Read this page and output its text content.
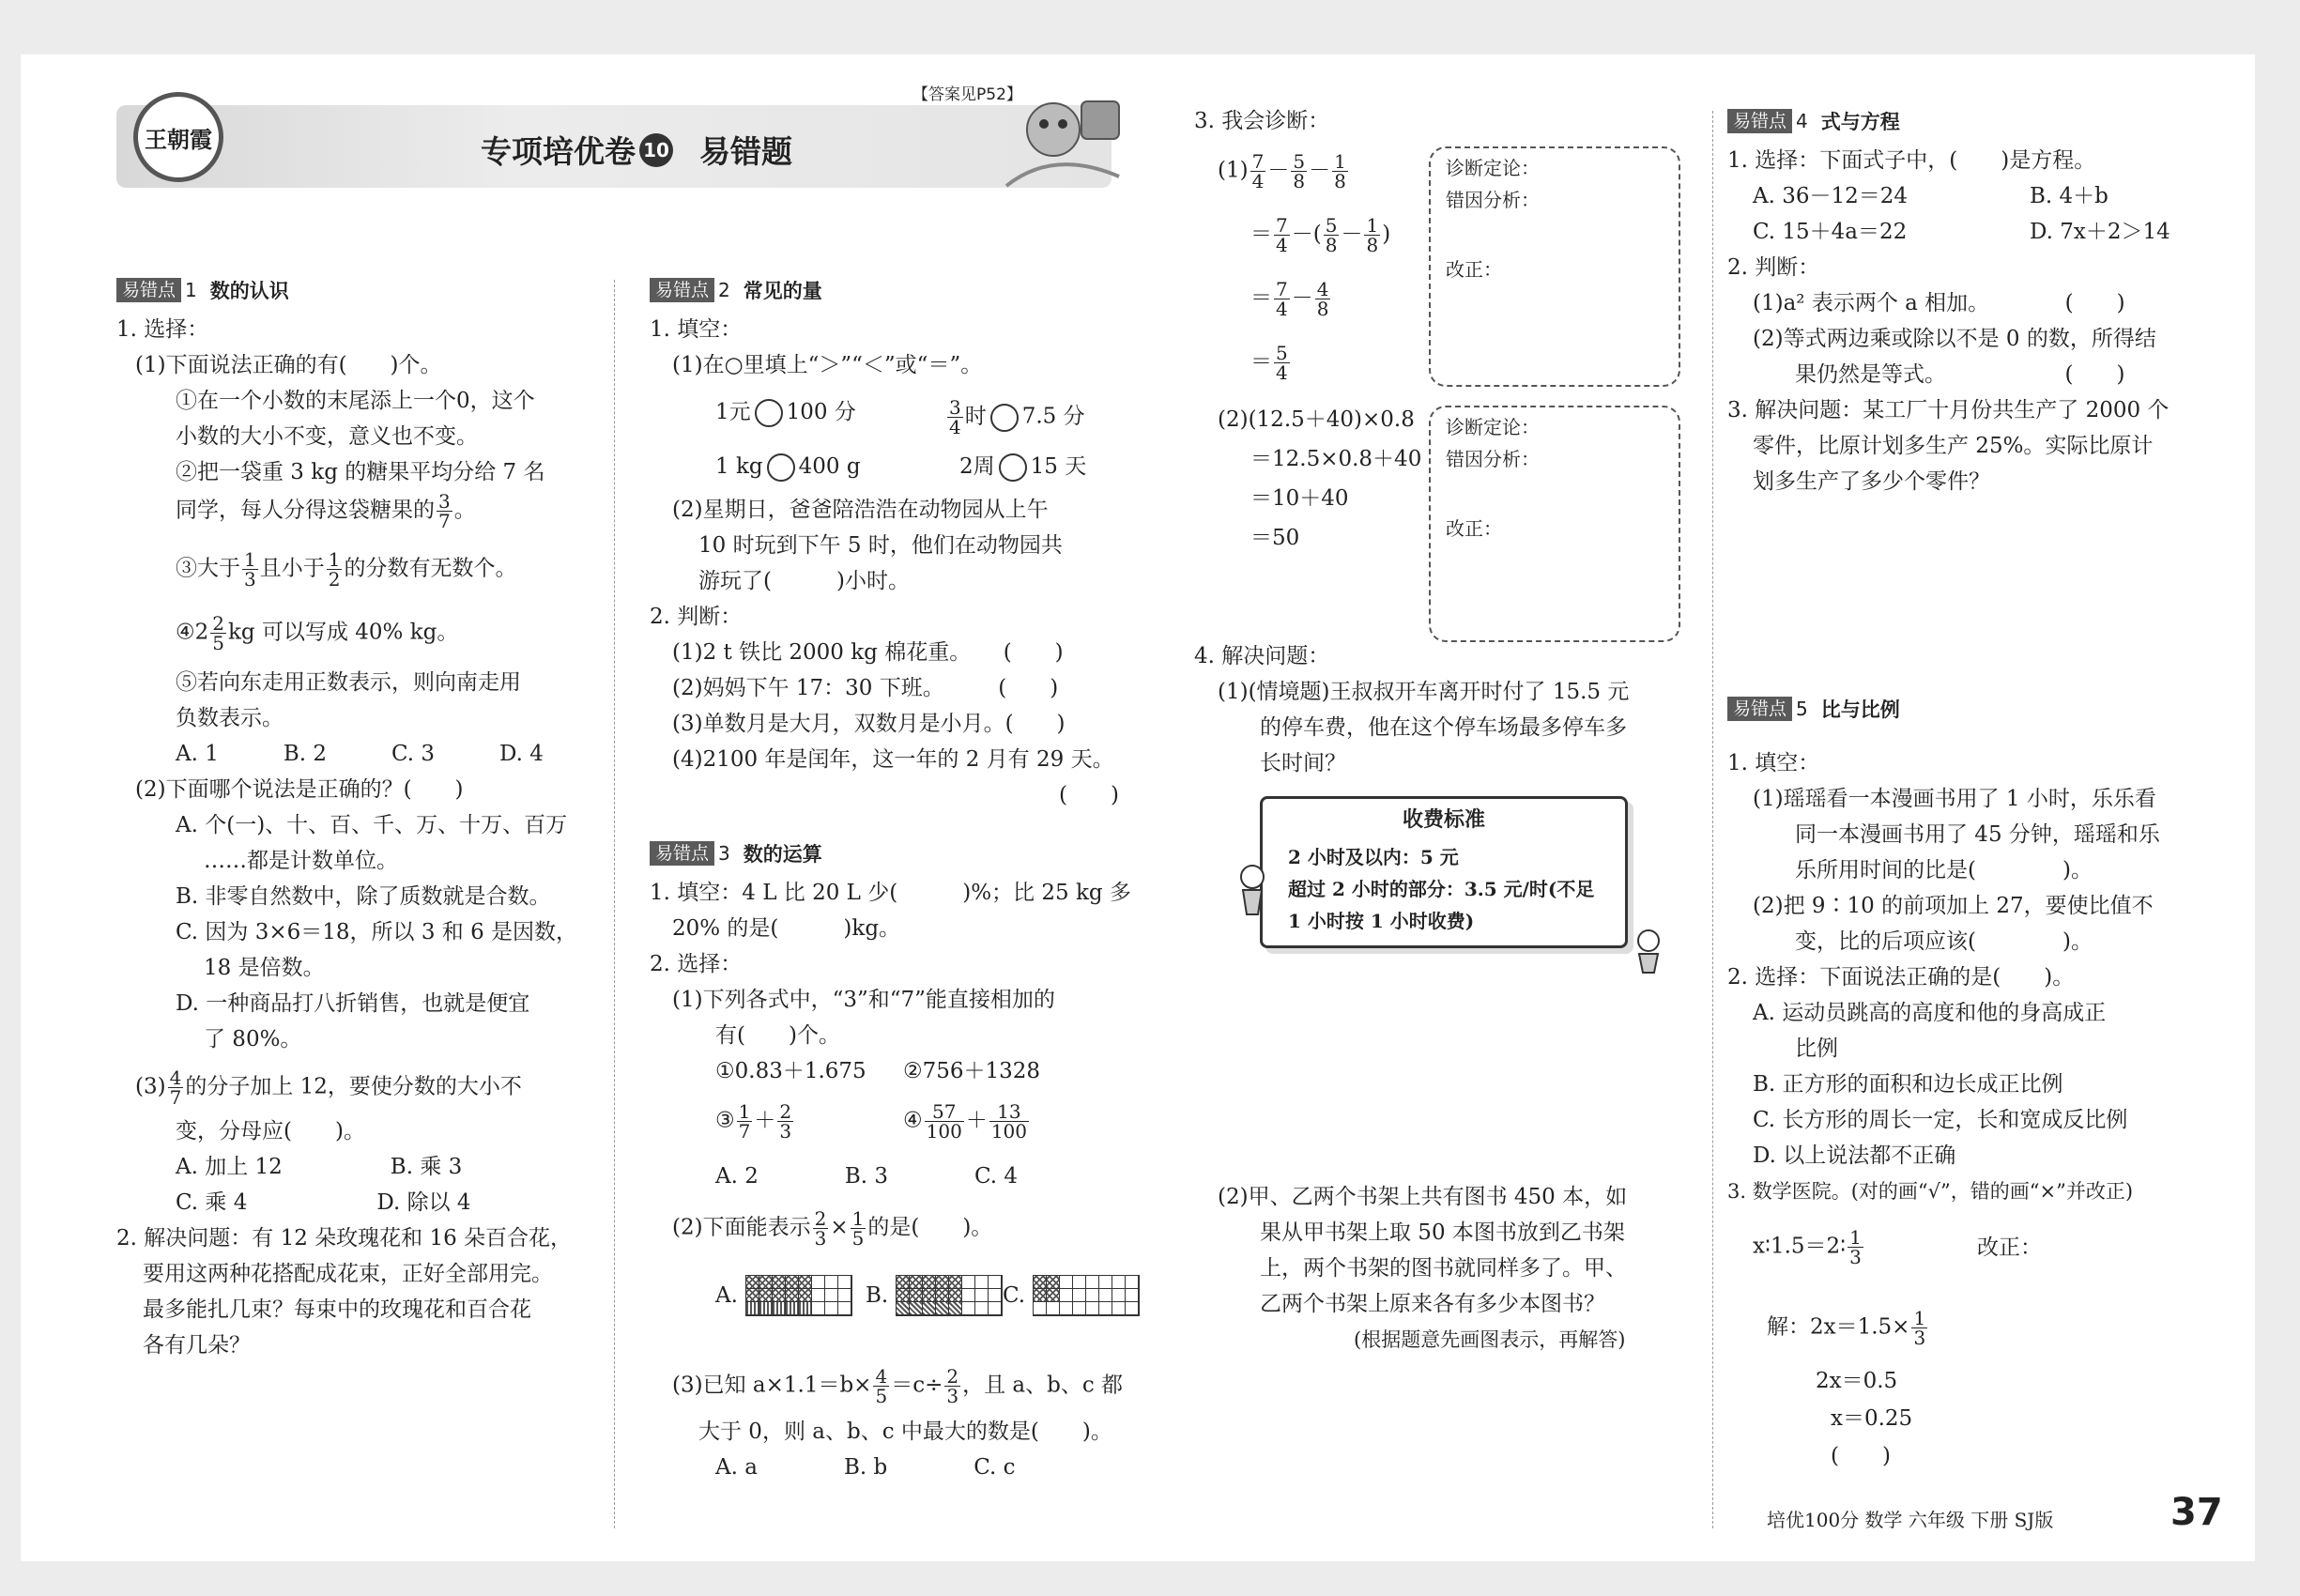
王朝霞
【答案见P52】
专项培优卷 10 易错题
易错点 1 数的认识
1. 选择：
(1)下面说法正确的有(　　)个。
①在一个小数的末尾添上一个0，这个
小数的大小不变，意义也不变。
②把一袋重 3 kg 的糖果平均分给 7 名
同学，每人分得这袋糖果的 $\frac{3}{7}$ 。
③大于 $\frac{1}{3}$ 且小于 $\frac{1}{2}$ 的分数有无数个。
④2 $\frac{2}{5}$ kg 可以写成 40% kg。
⑤若向东走用正数表示，则向南走用
负数表示。
A. 1　　　B. 2　　　C. 3　　　D. 4
(2)下面哪个说法是正确的？(　　)
A. 个(一)、十、百、千、万、十万、百万
……都是计数单位。
B. 非零自然数中，除了质数就是合数。
C. 因为 3×6＝18，所以 3 和 6 是因数，
18 是倍数。
D. 一种商品打八折销售，也就是便宜
了 80%。
$(3) \frac{4}{7}$ 的分子加上 12，要使分数的大小不
变，分母应(　　)。
A. 加上 12　　　　　B. 乘 3
C. 乘 4　　　　　　D. 除以 4
2. 解决问题：有 12 朵玫瑰花和 16 朵百合花，
要用这两种花搭配成花束，正好全部用完。
最多能扎几束？每束中的玫瑰花和百合花
各有几朵？
易错点 2 常见的量
1. 填空：
(1)在○里填上“＞”“＜”或“＝”。
1元 100 分	$\frac{3}{4}$ 时 7.5 分
1 kg 400 g	2周 15 天
(2)星期日，爸爸陪浩浩在动物园从上午
10 时玩到下午 5 时，他们在动物园共
游玩了(　　　)小时。
2. 判断：
(1)2 t 铁比 2000 kg 棉花重。　　(　　)
(2)妈妈下午 17：30 下班。　　　(　　)
(3)单数月是大月，双数月是小月。(　　)
(4)2100 年是闰年，这一年的 2 月有 29 天。
(　　)
易错点 3 数的运算
1. 填空：4 L 比 20 L 少(　　　)%；比 25 kg 多
20% 的是(　　　)kg。
2. 选择：
(1)下列各式中，“3”和“7”能直接相加的
有(　　)个。
①0.83＋1.675 ②756＋1328
③ $\frac{1}{7} + \frac{2}{3}$	④ $\frac{57}{100} + \frac{13}{100}$
A. 2　　　　B. 3　　　　C. 4
(2)下面能表示 $\frac{2}{3} \times \frac{1}{5}$ 的是(　　)。
A.	B.	C.
(3)已知 $a\times 1.1=b\times \frac{4}{5} =c\div \frac{2}{3}$ ，且 a、b、c 都
大于 0，则 a、b、c 中最大的数是(　　)。
A. a　　　　B. b　　　　C. c
3. 我会诊断：
$(1) \frac{7}{4} - \frac{5}{8} - \frac{1}{8}$
＝ $\frac{7}{4}$ －( $\frac{5}{8} - \frac{1}{8}$ )
＝ $\frac{7}{4} - \frac{4}{8}$
＝ $\frac{5}{4}$
诊断定论：
错因分析：
改正：
(2)(12.5＋40)×0.8
＝12.5×0.8＋40
＝10＋40
＝50
诊断定论：
错因分析：
改正：
4. 解决问题：
(1)(情境题)王叔叔开车离开时付了 15.5 元
的停车费，他在这个停车场最多停车多
长时间？
收费标准
2 小时及以内：5 元
超过 2 小时的部分：3.5 元/时(不足
1 小时按 1 小时收费)
(2)甲、乙两个书架上共有图书 450 本，如
果从甲书架上取 50 本图书放到乙书架
上，两个书架的图书就同样多了。甲、
乙两个书架上原来各有多少本图书？
(根据题意先画图表示，再解答)
易错点 4 式与方程
1. 选择：下面式子中，(　　)是方程。
A. 36－12＝24	B. 4＋b
C. 15＋4a＝22	D. 7x＋2＞14
2. 判断：
(1)a² 表示两个 a 相加。　　　　(　　)
(2)等式两边乘或除以不是 0 的数，所得结
果仍然是等式。　　　　　　(　　)
3. 解决问题：某工厂十月份共生产了 2000 个
零件，比原计划多生产 25%。实际比原计
划多生产了多少个零件？
易错点 5 比与比例
1. 填空：
(1)瑶瑶看一本漫画书用了 1 小时，乐乐看
同一本漫画书用了 45 分钟，瑶瑶和乐
乐所用时间的比是(　　　　)。
(2)把 9∶10 的前项加上 27，要使比值不
变，比的后项应该(　　　　)。
2. 选择：下面说法正确的是(　　)。
A. 运动员跳高的高度和他的身高成正
比例
B. 正方形的面积和边长成正比例
C. 长方形的周长一定，长和宽成反比例
D. 以上说法都不正确
3. 数学医院。(对的画“√”，错的画“×”并改正)
x∶1.5＝2∶ $\frac{1}{3}$	改正：
解：$2x=1.5\times \frac{1}{3}$
2x＝0.5
x＝0.25
(　　)
培优100分 数学 六年级 下册 SJ版	37
